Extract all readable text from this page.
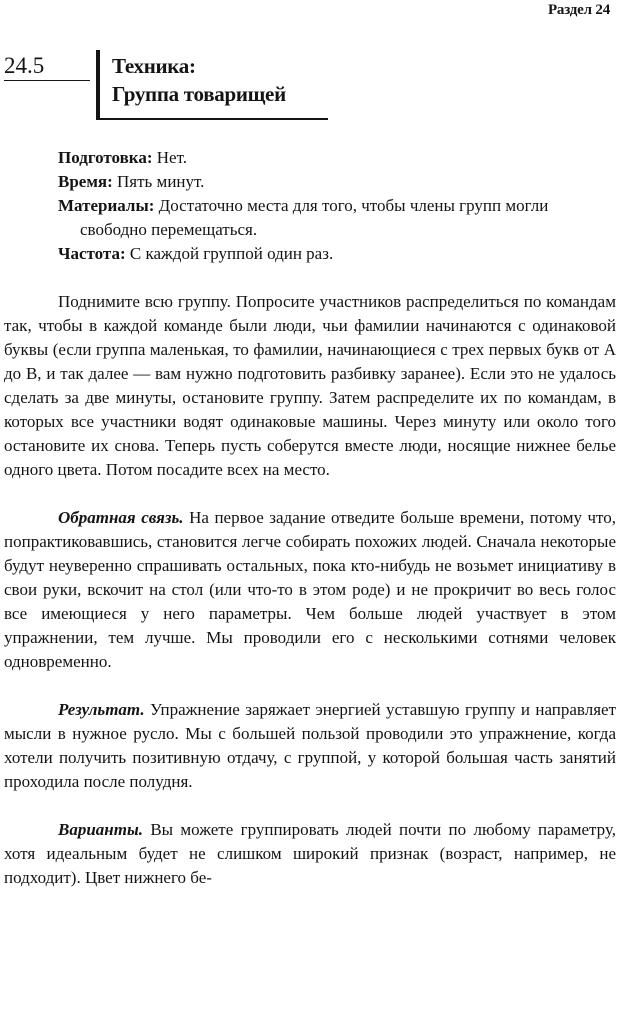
Раздел 24
24.5	Техника:
Группа товарищей
Подготовка: Нет.
Время: Пять минут.
Материалы: Достаточно места для того, чтобы члены групп могли свободно перемещаться.
Частота: С каждой группой один раз.

Поднимите всю группу. Попросите участников распределиться по командам так, чтобы в каждой команде были люди, чьи фамилии начинаются с одинаковой буквы (если группа маленькая, то фамилии, начинающиеся с трех первых букв от А до В, и так далее — вам нужно подготовить разбивку заранее). Если это не удалось сделать за две минуты, остановите группу. Затем распределите их по командам, в которых все участники водят одинаковые машины. Через минуту или около того остановите их снова. Теперь пусть соберутся вместе люди, носящие нижнее белье одного цвета. Потом посадите всех на место.

Обратная связь. На первое задание отведите больше времени, потому что, попрактиковавшись, становится легче собирать похожих людей. Сначала некоторые будут неуверенно спрашивать остальных, пока кто-нибудь не возьмет инициативу в свои руки, вскочит на стол (или что-то в этом роде) и не прокричит во весь голос все имеющиеся у него параметры. Чем больше людей участвует в этом упражнении, тем лучше. Мы проводили его с несколькими сотнями человек одновременно.

Результат. Упражнение заряжает энергией уставшую группу и направляет мысли в нужное русло. Мы с большей пользой проводили это упражнение, когда хотели получить позитивную отдачу, с группой, у которой большая часть занятий проходила после полудня.

Варианты. Вы можете группировать людей почти по любому параметру, хотя идеальным будет не слишком широкий признак (возраст, например, не подходит). Цвет нижнего бе-
